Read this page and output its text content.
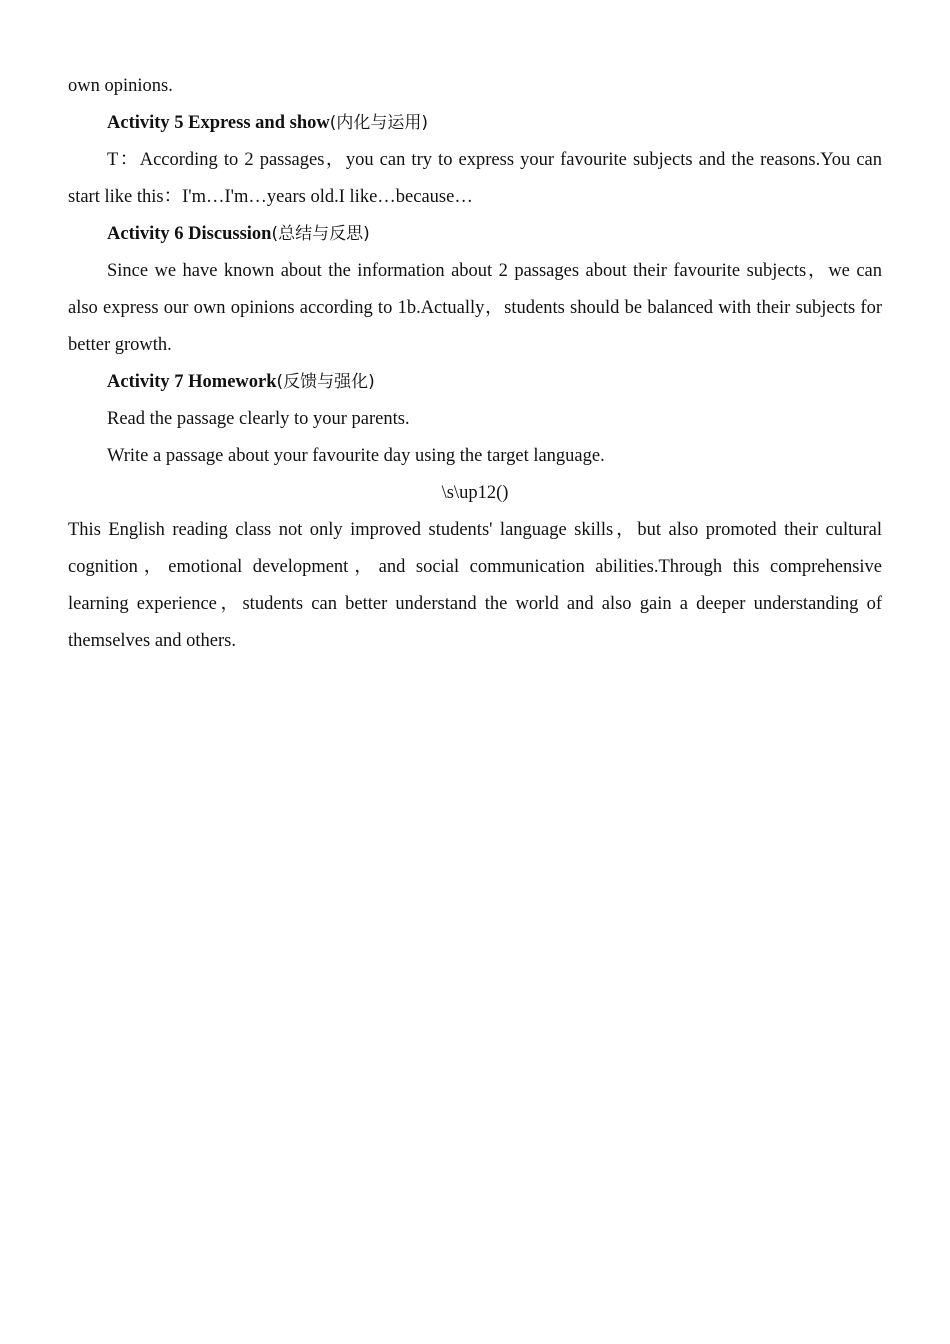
own opinions.

Activity 5 Express and show(内化与运用)

T：According to 2 passages，you can try to express your favourite subjects and the reasons.You can start like this：I'm…I'm…years old.I like…because…

Activity 6 Discussion(总结与反思)

Since we have known about the information about 2 passages about their favourite subjects，we can also express our own opinions according to 1b.Actually，students should be balanced with their subjects for better growth.

Activity 7 Homework(反馈与强化)

Read the passage clearly to your parents.

Write a passage about your favourite day using the target language.

\s\up12()

This English reading class not only improved students' language skills，but also promoted their cultural cognition，emotional development，and social communication abilities.Through this comprehensive learning experience，students can better understand the world and also gain a deeper understanding of themselves and others.
